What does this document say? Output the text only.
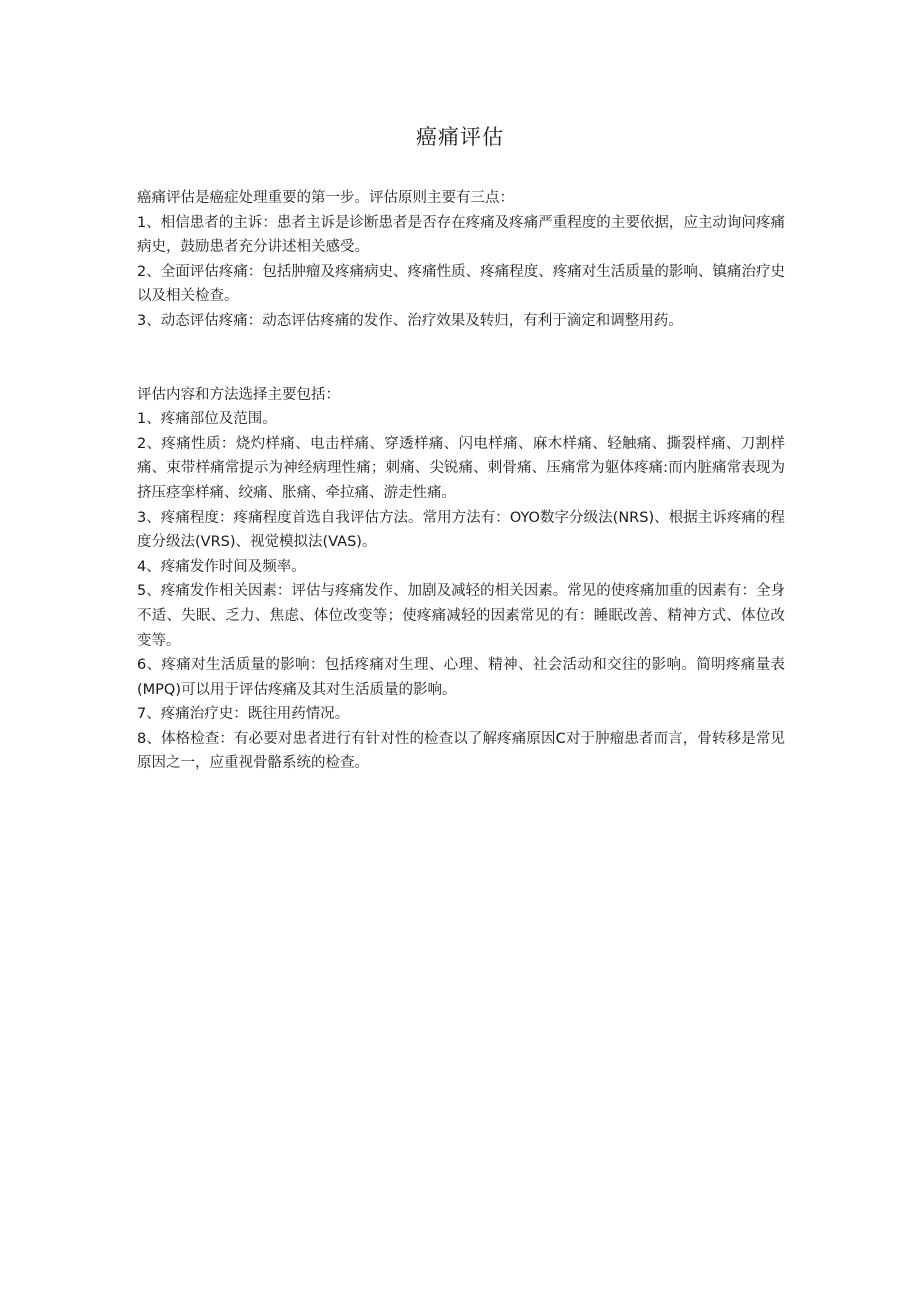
癌痛评估

癌痛评估是癌症处理重要的第一步。评估原则主要有三点：

1、相信患者的主诉：患者主诉是诊断患者是否存在疼痛及疼痛严重程度的主要依据，应主动询问疼痛病史，鼓励患者充分讲述相关感受。

2、全面评估疼痛：包括肿瘤及疼痛病史、疼痛性质、疼痛程度、疼痛对生活质量的影响、镇痛治疗史以及相关检查。

3、动态评估疼痛：动态评估疼痛的发作、治疗效果及转归，有利于滴定和调整用药。

评估内容和方法选择主要包括：

1、疼痛部位及范围。

2、疼痛性质：烧灼样痛、电击样痛、穿透样痛、闪电样痛、麻木样痛、轻触痛、撕裂样痛、刀割样痛、束带样痛常提示为神经病理性痛；刺痛、尖锐痛、刺骨痛、压痛常为躯体疼痛:而内脏痛常表现为挤压痉挛样痛、绞痛、胀痛、牵拉痛、游走性痛。

3、疼痛程度：疼痛程度首选自我评估方法。常用方法有：OYO数字分级法(NRS)、根据主诉疼痛的程度分级法(VRS)、视觉模拟法(VAS)。

4、疼痛发作时间及频率。

5、疼痛发作相关因素：评估与疼痛发作、加剧及减轻的相关因素。常见的使疼痛加重的因素有：全身不适、失眠、乏力、焦虑、体位改变等；使疼痛减轻的因素常见的有：睡眠改善、精神方式、体位改变等。

6、疼痛对生活质量的影响：包括疼痛对生理、心理、精神、社会活动和交往的影响。简明疼痛量表(MPQ)可以用于评估疼痛及其对生活质量的影响。

7、疼痛治疗史：既往用药情况。

8、体格检查：有必要对患者进行有针对性的检查以了解疼痛原因C对于肿瘤患者而言，骨转移是常见原因之一，应重视骨骼系统的检查。
